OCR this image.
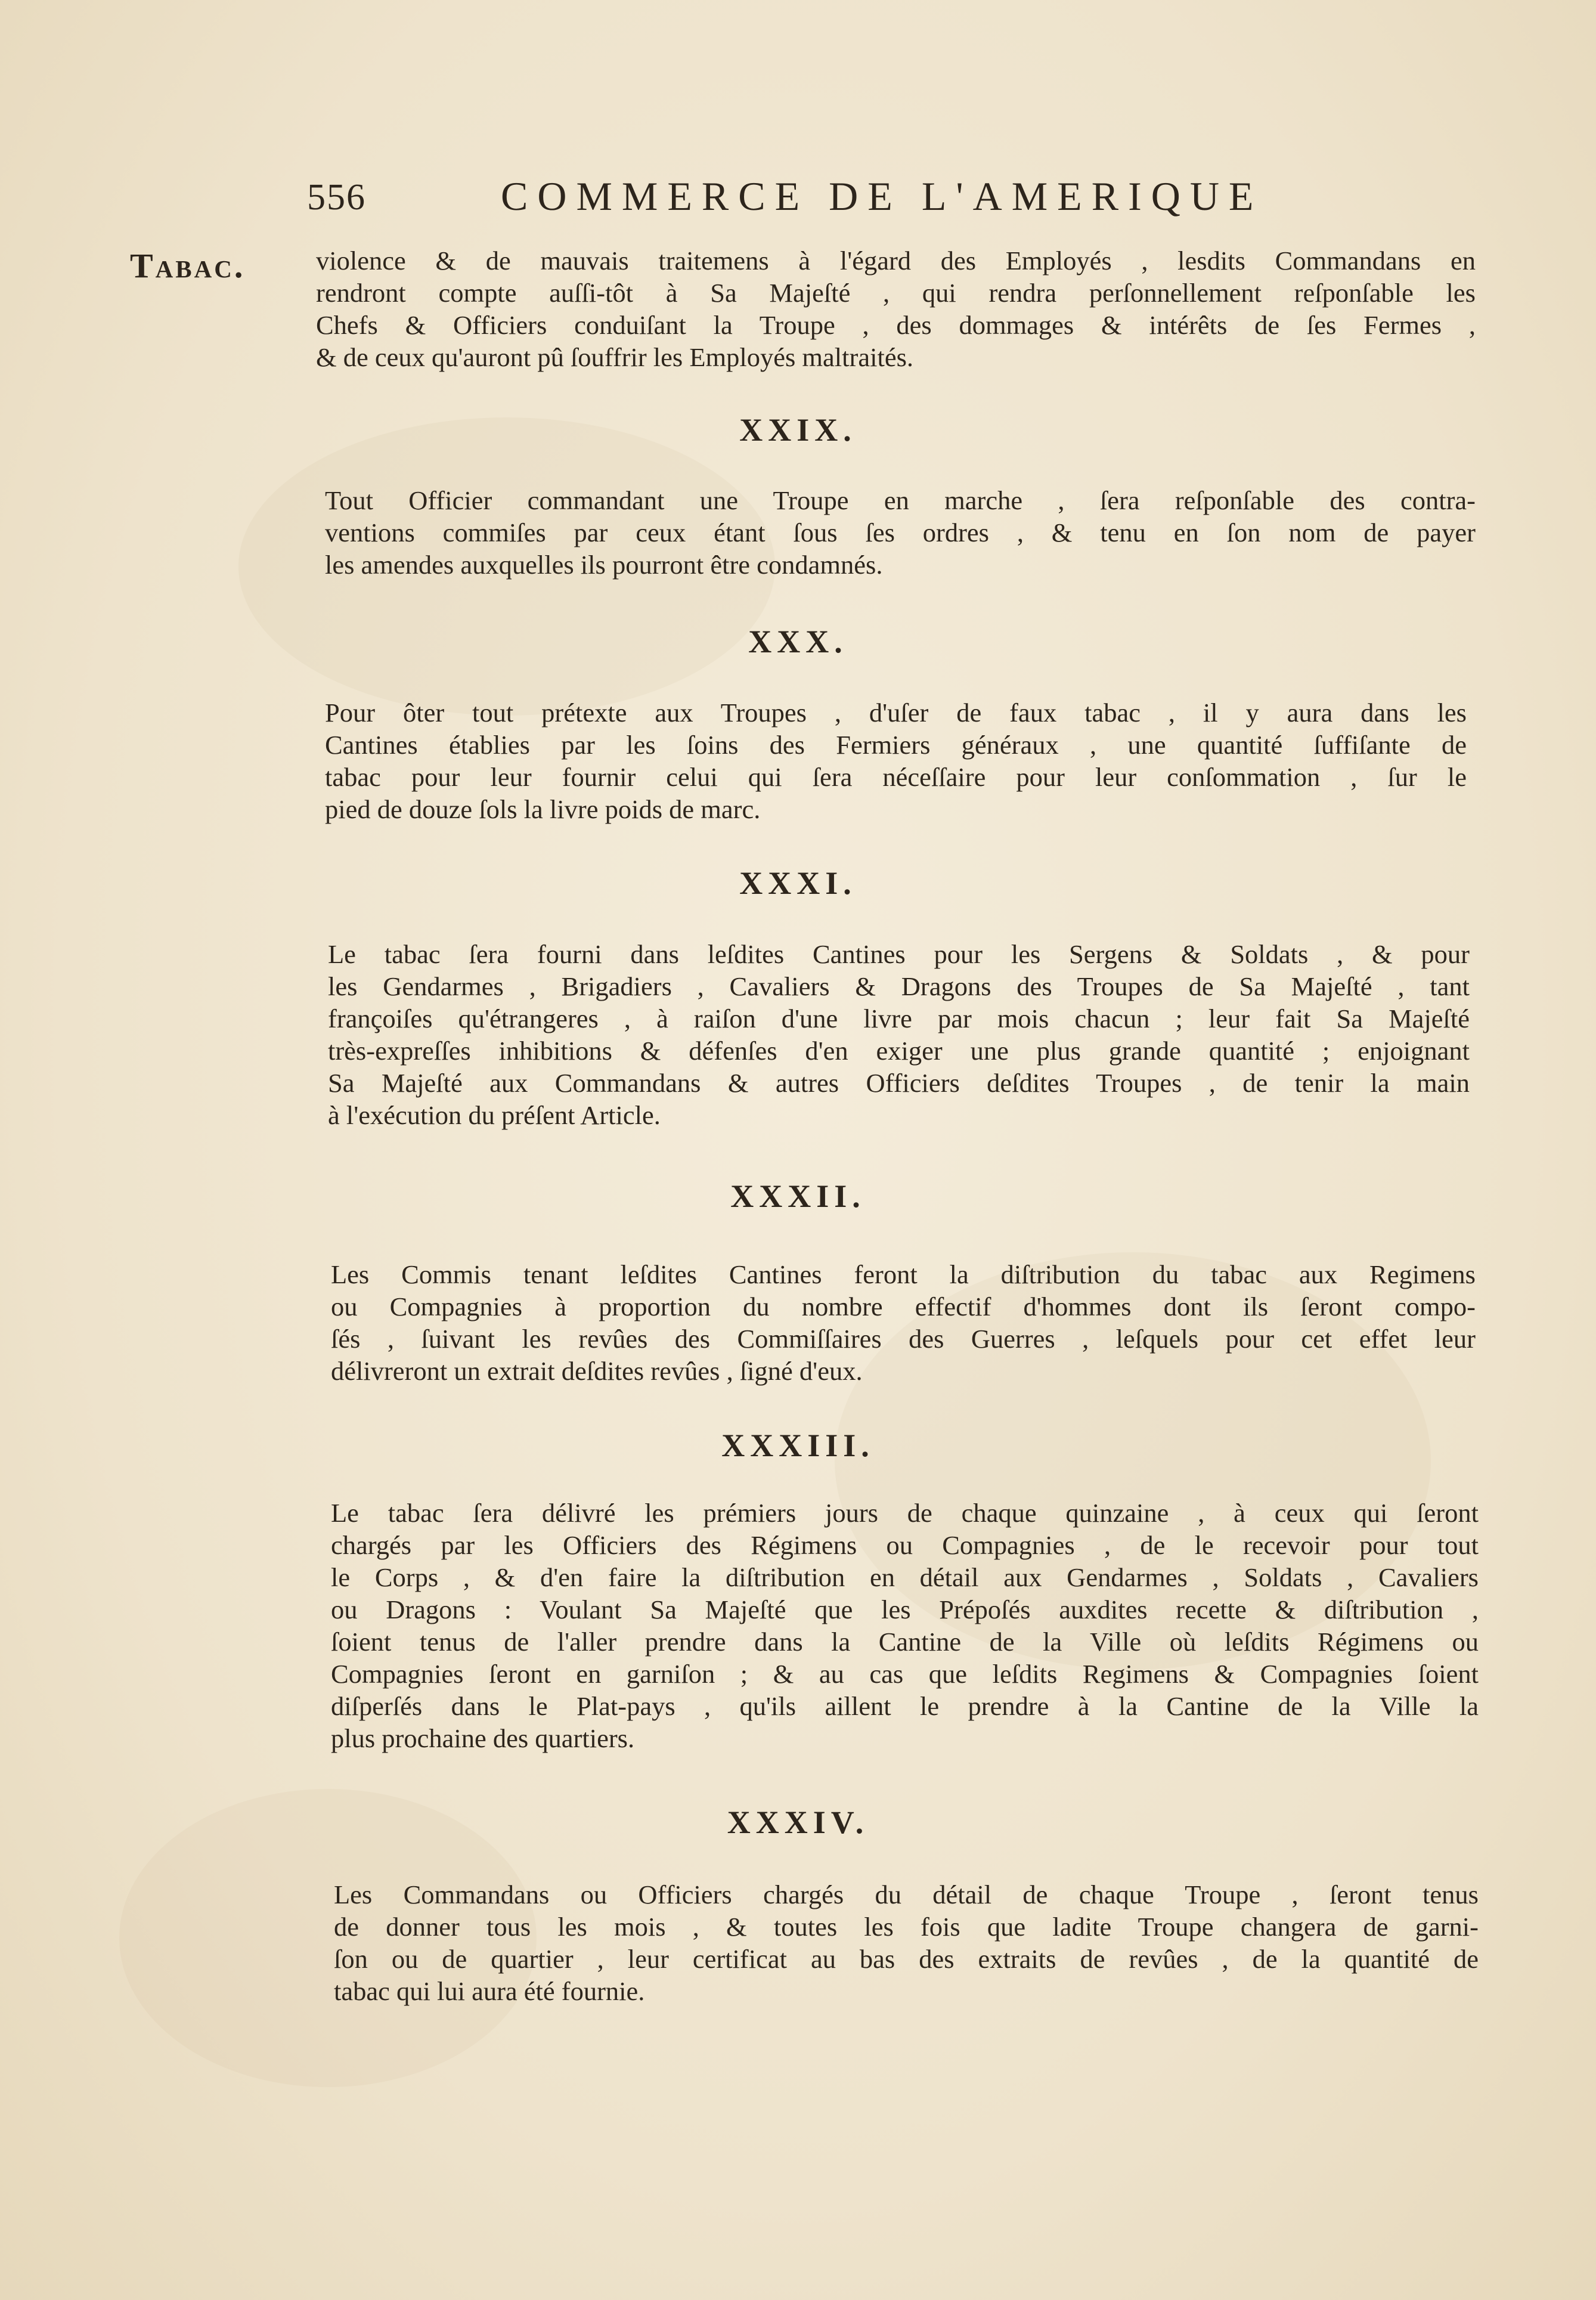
556	COMMERCE DE L'AMERIQUE
Tabac.	violence & de mauvais traitemens à l'égard des Employés , lesdits Commandans en
rendront compte auſſi-tôt à Sa Majeſté , qui rendra perſonnellement reſponſable les
Chefs & Officiers conduiſant la Troupe , des dommages & intérêts de ſes Fermes ,
& de ceux qu'auront pû ſouffrir les Employés maltraités.
XXIX.
Tout Officier commandant une Troupe en marche , ſera reſponſable des contra-
ventions commiſes par ceux étant ſous ſes ordres , & tenu en ſon nom de payer
les amendes auxquelles ils pourront être condamnés.
XXX.
Pour ôter tout prétexte aux Troupes , d'uſer de faux tabac , il y aura dans les
Cantines établies par les ſoins des Fermiers généraux , une quantité ſuffiſante de
tabac pour leur fournir celui qui ſera néceſſaire pour leur conſommation , ſur le
pied de douze ſols la livre poids de marc.
XXXI.
Le tabac ſera fourni dans leſdites Cantines pour les Sergens & Soldats , & pour
les Gendarmes , Brigadiers , Cavaliers & Dragons des Troupes de Sa Majeſté , tant
françoiſes qu'étrangeres , à raiſon d'une livre par mois chacun ; leur fait Sa Majeſté
très-expreſſes inhibitions & défenſes d'en exiger une plus grande quantité ; enjoignant
Sa Majeſté aux Commandans & autres Officiers deſdites Troupes , de tenir la main
à l'exécution du préſent Article.
XXXII.
Les Commis tenant leſdites Cantines feront la diſtribution du tabac aux Regimens
ou Compagnies à proportion du nombre effectif d'hommes dont ils ſeront compo-
ſés , ſuivant les revûes des Commiſſaires des Guerres , leſquels pour cet effet leur
délivreront un extrait deſdites revûes , ſigné d'eux.
XXXIII.
Le tabac ſera délivré les prémiers jours de chaque quinzaine , à ceux qui ſeront
chargés par les Officiers des Régimens ou Compagnies , de le recevoir pour tout
le Corps , & d'en faire la diſtribution en détail aux Gendarmes , Soldats , Cavaliers
ou Dragons : Voulant Sa Majeſté que les Prépoſés auxdites recette & diſtribution ,
ſoient tenus de l'aller prendre dans la Cantine de la Ville où leſdits Régimens ou
Compagnies ſeront en garniſon ; & au cas que leſdits Regimens & Compagnies ſoient
diſperſés dans le Plat-pays , qu'ils aillent le prendre à la Cantine de la Ville la
plus prochaine des quartiers.
XXXIV.
Les Commandans ou Officiers chargés du détail de chaque Troupe , ſeront tenus
de donner tous les mois , & toutes les fois que ladite Troupe changera de garni-
ſon ou de quartier , leur certificat au bas des extraits de revûes , de la quantité de
tabac qui lui aura été fournie.
